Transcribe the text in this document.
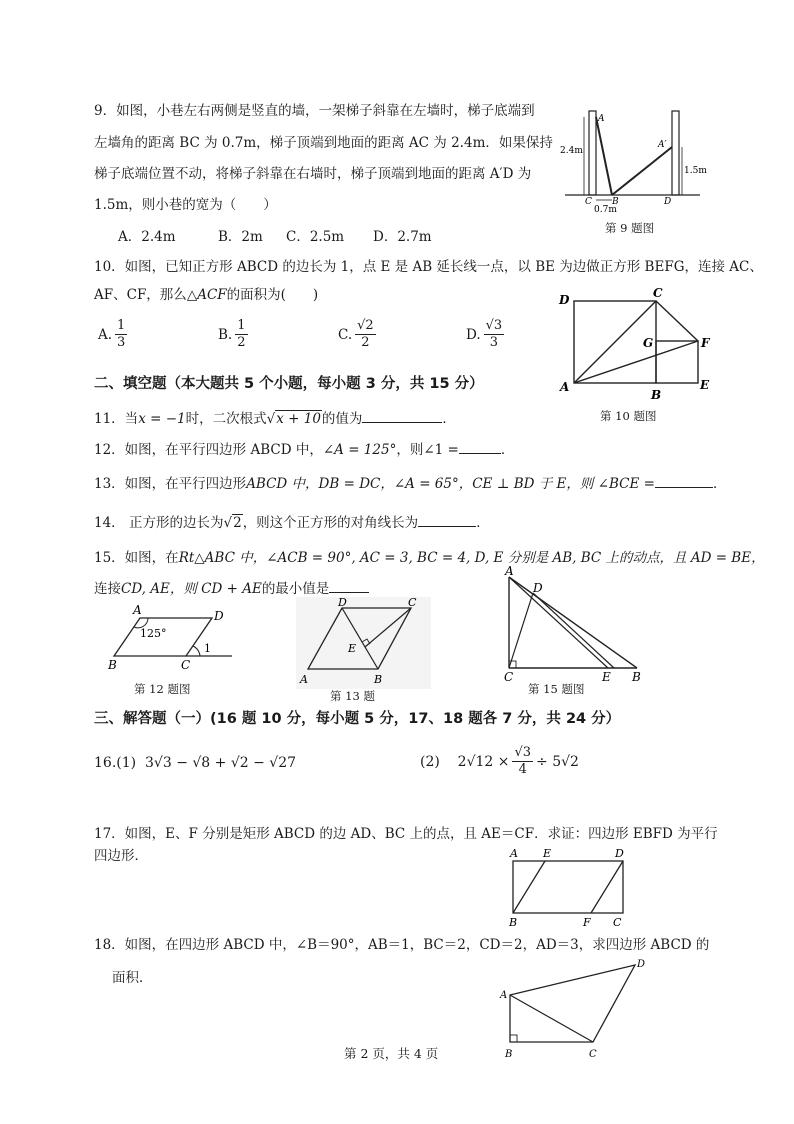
9．如图，小巷左右两侧是竖直的墙，一架梯子斜靠在左墙时，梯子底端到
左墙角的距离 BC 为 0.7m，梯子顶端到地面的距离 AC 为 2.4m．如果保持
梯子底端位置不动，将梯子斜靠在右墙时，梯子顶端到地面的距离 A′D 为
1.5m，则小巷的宽为（　　）
A．2.4m	B．2m C．2.5m D．2.7m
A
A′
B
C	D
2.4m
1.5m
0.7m
第 9 题图
10．如图，已知正方形 ABCD 的边长为 1，点 E 是 AB 延长线一点，以 BE 为边做正方形 BEFG，连接 AC、
AF、CF，那么△ACF的面积为(　　)
A. $\frac{1}{3}$	B. $\frac{1}{2}$	C. $\frac{√2}{2}$	D. $\frac{√3}{3}$
D	C
G	F
A
B
E
第 10 题图
二、填空题（本大题共 5 个小题，每小题 3 分，共 15 分）
11．当x = −1时，二次根式√x + 10的值为	．
12．如图，在平行四边形 ABCD 中，∠A = 125°，则∠1 =	．
13．如图，在平行四边形ABCD 中，DB = DC，∠A = 65°，CE ⊥ BD 于 E，则 ∠BCE =	．
14． 正方形的边长为√2，则这个正方形的对角线长为	．
15．如图，在Rt△ABC 中，∠ACB = 90°, AC = 3, BC = 4, D, E 分别是 AB, BC 上的动点，且 AD = BE，
连接CD, AE，则 CD + AE的最小值是
A	D
B	C
125°
1
第 12 题图
D	C
E
A	B
第 13 题
A
D
C	E B
第 15 题图
三、解答题（一）(16 题 10 分，每小题 5 分，17、18 题各 7 分，共 24 分）
16.(1) 3√3 − √8 + √2 − √27	(2)
$2√12 \times \frac{√3}{4} \div 5√2$
17．如图，E、F 分别是矩形 ABCD 的边 AD、BC 上的点，且 AE＝CF．求证：四边形 EBFD 为平行
四边形．	A E	D
B	F C
18．如图，在四边形 ABCD 中，∠B＝90°，AB＝1，BC＝2，CD＝2，AD＝3，求四边形 ABCD 的
面积．
A
B	C
D
第 2 页，共 4 页
